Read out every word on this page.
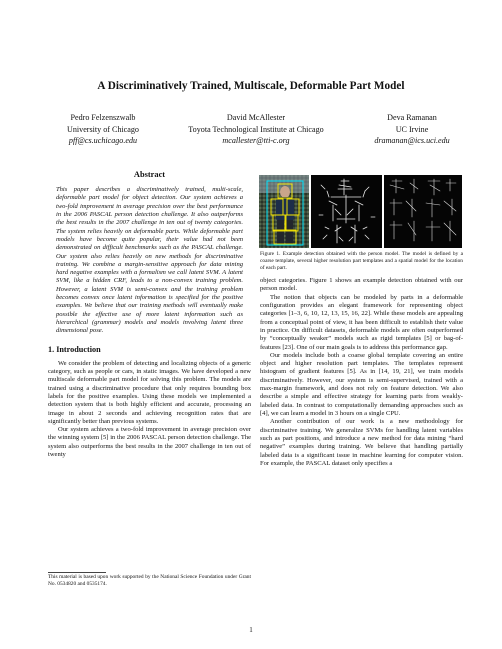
A Discriminatively Trained, Multiscale, Deformable Part Model
Pedro Felzenszwalb
University of Chicago
pff@cs.uchicago.edu
David McAllester
Toyota Technological Institute at Chicago
mcallester@tti-c.org
Deva Ramanan
UC Irvine
dramanan@ics.uci.edu
Abstract
This paper describes a discriminatively trained, multi-scale, deformable part model for object detection. Our system achieves a two-fold improvement in average precision over the best performance in the 2006 PASCAL person detection challenge. It also outperforms the best results in the 2007 challenge in ten out of twenty categories. The system relies heavily on deformable parts. While deformable part models have become quite popular, their value had not been demonstrated on difficult benchmarks such as the PASCAL challenge. Our system also relies heavily on new methods for discriminative training. We combine a margin-sensitive approach for data mining hard negative examples with a formalism we call latent SVM. A latent SVM, like a hidden CRF, leads to a non-convex training problem. However, a latent SVM is semi-convex and the training problem becomes convex once latent information is specified for the positive examples. We believe that our training methods will eventually make possible the effective use of more latent information such as hierarchical (grammar) models and models involving latent three dimensional pose.
1. Introduction

We consider the problem of detecting and localizing objects of a generic category, such as people or cars, in static images. We have developed a new multiscale deformable part model for solving this problem. The models are trained using a discriminative procedure that only requires bounding box labels for the positive examples. Using these models we implemented a detection system that is both highly efficient and accurate, processing an image in about 2 seconds and achieving recognition rates that are significantly better than previous systems.

Our system achieves a two-fold improvement in average precision over the winning system [5] in the 2006 PASCAL person detection challenge. The system also outperforms the best results in the 2007 challenge in ten out of twenty

Figure 1. Example detection obtained with the person model. The model is defined by a coarse template, several higher resolution part templates and a spatial model for the location of each part.

object categories. Figure 1 shows an example detection obtained with our person model.

The notion that objects can be modeled by parts in a deformable configuration provides an elegant framework for representing object categories [1–3, 6, 10, 12, 13, 15, 16, 22]. While these models are appealing from a conceptual point of view, it has been difficult to establish their value in practice. On difficult datasets, deformable models are often outperformed by “conceptually weaker” models such as rigid templates [5] or bag-of-features [23]. One of our main goals is to address this performance gap.

Our models include both a coarse global template covering an entire object and higher resolution part templates. The templates represent histogram of gradient features [5]. As in [14, 19, 21], we train models discriminatively. However, our system is semi-supervised, trained with a max-margin framework, and does not rely on feature detection. We also describe a simple and effective strategy for learning parts from weakly-labeled data. In contrast to computationally demanding approaches such as [4], we can learn a model in 3 hours on a single CPU.

Another contribution of our work is a new methodology for discriminative training. We generalize SVMs for handling latent variables such as part positions, and introduce a new method for data mining “hard negative” examples during training. We believe that handling partially labeled data is a significant issue in machine learning for computer vision. For example, the PASCAL dataset only specifies a

This material is based upon work supported by the National Science Foundation under Grant No. 0534820 and 0535174.
1
